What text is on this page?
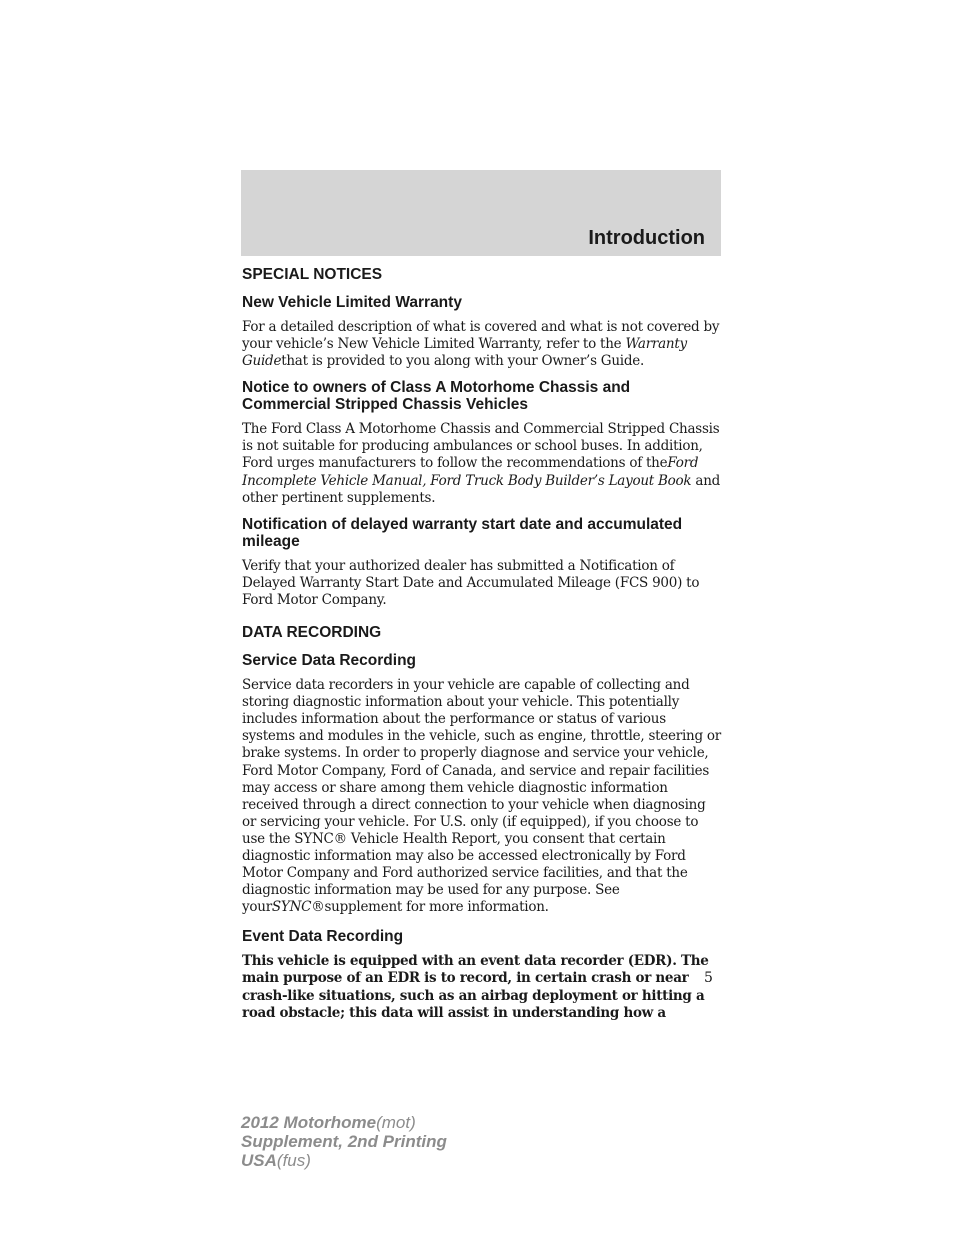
Introduction
SPECIAL NOTICES
New Vehicle Limited Warranty
For a detailed description of what is covered and what is not covered by your vehicle’s New Vehicle Limited Warranty, refer to the Warranty Guidethat is provided to you along with your Owner’s Guide.
Notice to owners of Class A Motorhome Chassis and Commercial Stripped Chassis Vehicles
The Ford Class A Motorhome Chassis and Commercial Stripped Chassis is not suitable for producing ambulances or school buses. In addition, Ford urges manufacturers to follow the recommendations of theFord Incomplete Vehicle Manual, Ford Truck Body Builder’s Layout Book and other pertinent supplements.
Notification of delayed warranty start date and accumulated mileage
Verify that your authorized dealer has submitted a Notification of Delayed Warranty Start Date and Accumulated Mileage (FCS 900) to Ford Motor Company.
DATA RECORDING
Service Data Recording
Service data recorders in your vehicle are capable of collecting and storing diagnostic information about your vehicle. This potentially includes information about the performance or status of various systems and modules in the vehicle, such as engine, throttle, steering or brake systems. In order to properly diagnose and service your vehicle, Ford Motor Company, Ford of Canada, and service and repair facilities may access or share among them vehicle diagnostic information received through a direct connection to your vehicle when diagnosing or servicing your vehicle. For U.S. only (if equipped), if you choose to use the SYNC® Vehicle Health Report, you consent that certain diagnostic information may also be accessed electronically by Ford Motor Company and Ford authorized service facilities, and that the diagnostic information may be used for any purpose. See yourSYNC®supplement for more information.
Event Data Recording
This vehicle is equipped with an event data recorder (EDR). The main purpose of an EDR is to record, in certain crash or near crash-like situations, such as an airbag deployment or hitting a road obstacle; this data will assist in understanding how a
5
2012 Motorhome(mot)
Supplement, 2nd Printing
USA(fus)
